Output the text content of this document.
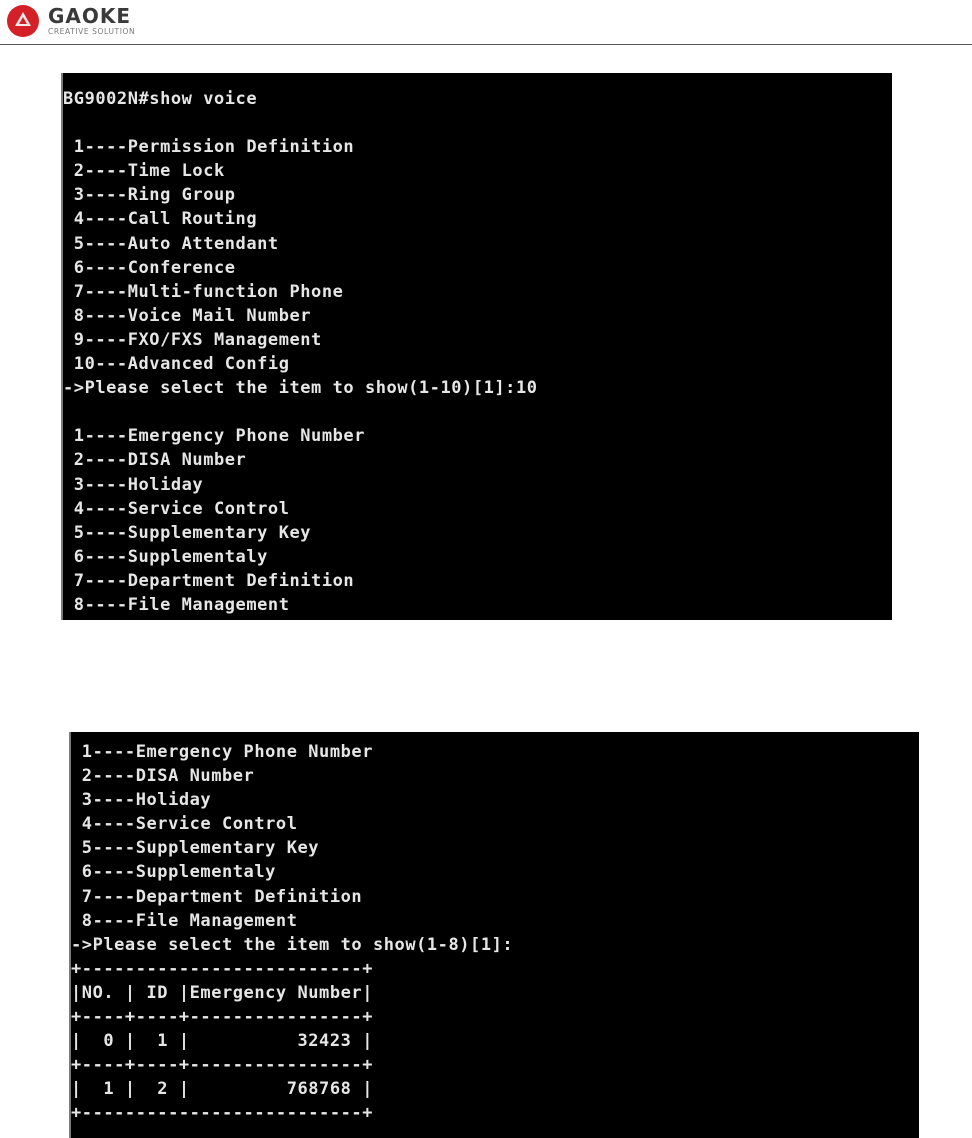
GAOKE
CREATIVE SOLUTION
BG9002N#show voice
1----Permission Definition
2----Time Lock
3----Ring Group
4----Call Routing
5----Auto Attendant
6----Conference
7----Multi-function Phone
8----Voice Mail Number
9----FXO/FXS Management
10---Advanced Config
->Please select the item to show(1-10)[1]:10
1----Emergency Phone Number
2----DISA Number
3----Holiday
4----Service Control
5----Supplementary Key
6----Supplementaly
7----Department Definition
8----File Management
1----Emergency Phone Number
2----DISA Number
3----Holiday
4----Service Control
5----Supplementary Key
6----Supplementaly
7----Department Definition
8----File Management
->Please select the item to show(1-8)[1]:
+--------------------------+
|NO. | ID |Emergency Number|
+----+----+----------------+
|  0 |  1 |          32423 |
+----+----+----------------+
|  1 |  2 |         768768 |
+--------------------------+
